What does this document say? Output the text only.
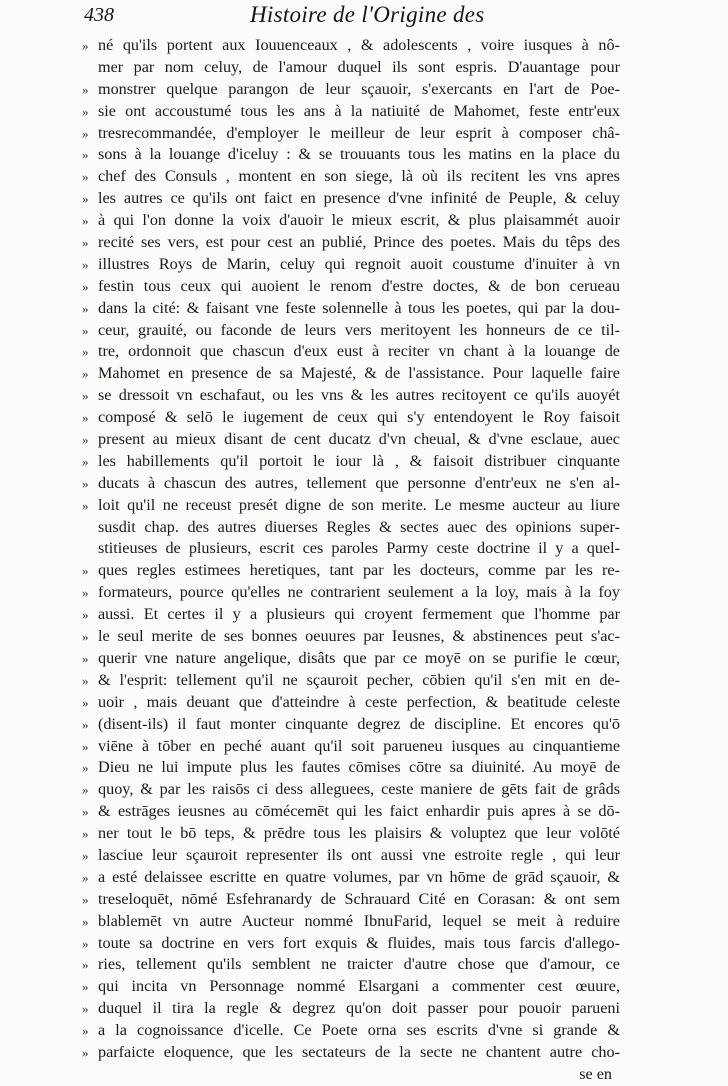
438	Histoire de l'Origine des
» né qu'ils portent aux Iouuenceaux , & adolescents , voire iusques à nô-
mer par nom celuy, de l'amour duquel ils sont espris. D'auantage pour
» monstrer quelque parangon de leur sçauoir, s'exercants en l'art de Poe-
» sie ont accoustumé tous les ans à la natiuité de Mahomet, feste entr'eux
» tresrecommandée, d'employer le meilleur de leur esprit à composer châ-
» sons à la louange d'iceluy : & se trouuants tous les matins en la place du
» chef des Consuls , montent en son siege, là où ils recitent les vns apres
» les autres ce qu'ils ont faict en presence d'vne infinité de Peuple, & celuy
» à qui l'on donne la voix d'auoir le mieux escrit, & plus plaisammét auoir
» recité ses vers, est pour cest an publié, Prince des poetes. Mais du têps des
» illustres Roys de Marin, celuy qui regnoit auoit coustume d'inuiter à vn
» festin tous ceux qui auoient le renom d'estre doctes, & de bon cerueau
» dans la cité: & faisant vne feste solennelle à tous les poetes, qui par la dou-
» ceur, grauité, ou faconde de leurs vers meritoyent les honneurs de ce til-
» tre, ordonnoit que chascun d'eux eust à reciter vn chant à la louange de
» Mahomet en presence de sa Majesté, & de l'assistance. Pour laquelle faire
» se dressoit vn eschafaut, ou les vns & les autres recitoyent ce qu'ils auoyét
» composé & selō le iugement de ceux qui s'y entendoyent le Roy faisoit
» present au mieux disant de cent ducatz d'vn cheual, & d'vne esclaue, auec
» les habillements qu'il portoit le iour là , & faisoit distribuer cinquante
» ducats à chascun des autres, tellement que personne d'entr'eux ne s'en al-
» loit qu'il ne receust presét digne de son merite. Le mesme aucteur au liure
susdit chap. des autres diuerses Regles & sectes auec des opinions super-
stitieuses de plusieurs, escrit ces paroles Parmy ceste doctrine il y a quel-
» ques regles estimees heretiques, tant par les docteurs, comme par les re-
» formateurs, pource qu'elles ne contrarient seulement a la loy, mais à la foy
» aussi. Et certes il y a plusieurs qui croyent fermement que l'homme par
» le seul merite de ses bonnes oeuures par Ieusnes, & abstinences peut s'ac-
» querir vne nature angelique, disâts que par ce moyē on se purifie le cœur,
» & l'esprit: tellement qu'il ne sçauroit pecher, cōbien qu'il s'en mit en de-
» uoir , mais deuant que d'atteindre à ceste perfection, & beatitude celeste
» (disent-ils) il faut monter cinquante degrez de discipline. Et encores qu'ō
» viēne à tōber en peché auant qu'il soit parueneu iusques au cinquantieme
» Dieu ne lui impute plus les fautes cōmises cōtre sa diuinité. Au moyē de
» quoy, & par les raisōs ci dess alleguees, ceste maniere de gēts fait de grâds
» & estrāges ieusnes au cōmécemēt qui les faict enhardir puis apres à se dō-
» ner tout le bō teps, & prēdre tous les plaisirs & voluptez que leur volōté
» lasciue leur sçauroit representer ils ont aussi vne estroite regle , qui leur
» a esté delaissee escritte en quatre volumes, par vn hōme de grād sçauoir, &
» treseloquēt, nōmé Esfehranardy de Schrauard Cité en Corasan: & ont sem
» blablemēt vn autre Aucteur nommé IbnuFarid, lequel se meit à reduire
» toute sa doctrine en vers fort exquis & fluides, mais tous farcis d'allego-
» ries, tellement qu'ils semblent ne traicter d'autre chose que d'amour, ce
» qui incita vn Personnage nommé Elsargani a commenter cest œuure,
» duquel il tira la regle & degrez qu'on doit passer pour pouoir parueni
» a la cognoissance d'icelle. Ce Poete orna ses escrits d'vne si grande &
» parfaicte eloquence, que les sectateurs de la secte ne chantent autre cho-
se en
